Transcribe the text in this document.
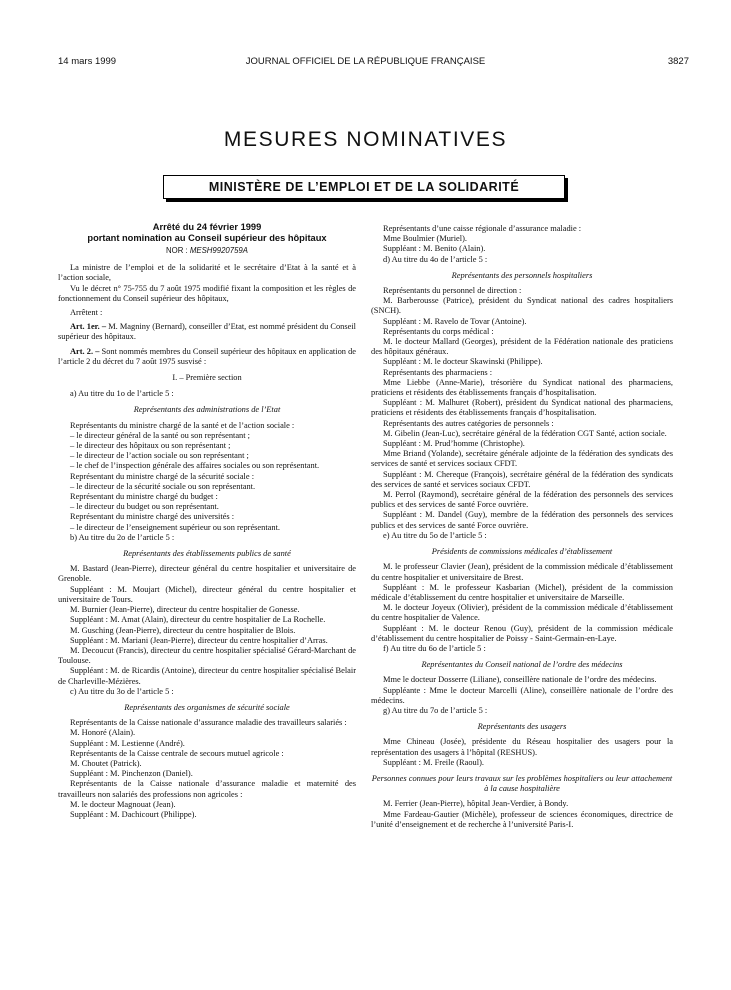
14 mars 1999	JOURNAL OFFICIEL DE LA RÉPUBLIQUE FRANÇAISE	3827
MESURES NOMINATIVES
MINISTÈRE DE L’EMPLOI ET DE LA SOLIDARITÉ
Arrêté du 24 février 1999
portant nomination au Conseil supérieur des hôpitaux
NOR : MESH9920759A

La ministre de l’emploi et de la solidarité et le secrétaire d’Etat à la santé et à l’action sociale,

Vu le décret n° 75-755 du 7 août 1975 modifié fixant la composition et les règles de fonctionnement du Conseil supérieur des hôpitaux,

Arrêtent :

Art. 1er. – M. Magniny (Bernard), conseiller d’Etat, est nommé président du Conseil supérieur des hôpitaux.

Art. 2. – Sont nommés membres du Conseil supérieur des hôpitaux en application de l’article 2 du décret du 7 août 1975 susvisé :

I. – Première section

a) Au titre du 1o de l’article 5 :

Représentants des administrations de l’Etat

Représentants du ministre chargé de la santé et de l’action sociale :

– le directeur général de la santé ou son représentant ;

– le directeur des hôpitaux ou son représentant ;

– le directeur de l’action sociale ou son représentant ;

– le chef de l’inspection générale des affaires sociales ou son représentant.

Représentant du ministre chargé de la sécurité sociale :

– le directeur de la sécurité sociale ou son représentant.

Représentant du ministre chargé du budget :

– le directeur du budget ou son représentant.

Représentant du ministre chargé des universités :

– le directeur de l’enseignement supérieur ou son représentant.

b) Au titre du 2o de l’article 5 :

Représentants des établissements publics de santé

M. Bastard (Jean-Pierre), directeur général du centre hospitalier et universitaire de Grenoble.

Suppléant : M. Moujart (Michel), directeur général du centre hospitalier et universitaire de Tours.

M. Burnier (Jean-Pierre), directeur du centre hospitalier de Gonesse.

Suppléant : M. Amat (Alain), directeur du centre hospitalier de La Rochelle.

M. Gusching (Jean-Pierre), directeur du centre hospitalier de Blois.

Suppléant : M. Mariani (Jean-Pierre), directeur du centre hospitalier d’Arras.

M. Decoucut (Francis), directeur du centre hospitalier spécialisé Gérard-Marchant de Toulouse.

Suppléant : M. de Ricardis (Antoine), directeur du centre hospitalier spécialisé Belair de Charleville-Mézières.

c) Au titre du 3o de l’article 5 :

Représentants des organismes de sécurité sociale

Représentants de la Caisse nationale d’assurance maladie des travailleurs salariés :

M. Honoré (Alain).

Suppléant : M. Lestienne (André).

Représentants de la Caisse centrale de secours mutuel agricole :

M. Choutet (Patrick).

Suppléant : M. Pinchenzon (Daniel).

Représentants de la Caisse nationale d’assurance maladie et maternité des travailleurs non salariés des professions non agricoles :

M. le docteur Magnouat (Jean).

Suppléant : M. Dachicourt (Philippe).

Représentants d’une caisse régionale d’assurance maladie :

Mme Boulmier (Muriel).

Suppléant : M. Benito (Alain).

d) Au titre du 4o de l’article 5 :

Représentants des personnels hospitaliers

Représentants du personnel de direction :

M. Barberousse (Patrice), président du Syndicat national des cadres hospitaliers (SNCH).

Suppléant : M. Ravelo de Tovar (Antoine).

Représentants du corps médical :

M. le docteur Mallard (Georges), président de la Fédération nationale des praticiens des hôpitaux généraux.

Suppléant : M. le docteur Skawinski (Philippe).

Représentants des pharmaciens :

Mme Liebbe (Anne-Marie), trésorière du Syndicat national des pharmaciens, praticiens et résidents des établissements français d’hospitalisation.

Suppléant : M. Malhuret (Robert), président du Syndicat national des pharmaciens, praticiens et résidents des établissements français d’hospitalisation.

Représentants des autres catégories de personnels :

M. Gibelin (Jean-Luc), secrétaire général de la fédération CGT Santé, action sociale.

Suppléant : M. Prud’homme (Christophe).

Mme Briand (Yolande), secrétaire générale adjointe de la fédération des syndicats des services de santé et services sociaux CFDT.

Suppléant : M. Chereque (François), secrétaire général de la fédération des syndicats des services de santé et services sociaux CFDT.

M. Perrol (Raymond), secrétaire général de la fédération des personnels des services publics et des services de santé Force ouvrière.

Suppléant : M. Dandel (Guy), membre de la fédération des personnels des services publics et des services de santé Force ouvrière.

e) Au titre du 5o de l’article 5 :

Présidents de commissions médicales d’établissement

M. le professeur Clavier (Jean), président de la commission médicale d’établissement du centre hospitalier et universitaire de Brest.

Suppléant : M. le professeur Kasbarian (Michel), président de la commission médicale d’établissement du centre hospitalier et universitaire de Marseille.

M. le docteur Joyeux (Olivier), président de la commission médicale d’établissement du centre hospitalier de Valence.

Suppléant : M. le docteur Renou (Guy), président de la commission médicale d’établissement du centre hospitalier de Poissy - Saint-Germain-en-Laye.

f) Au titre du 6o de l’article 5 :

Représentantes du Conseil national de l’ordre des médecins

Mme le docteur Dosserre (Liliane), conseillère nationale de l’ordre des médecins.

Suppléante : Mme le docteur Marcelli (Aline), conseillère nationale de l’ordre des médecins.

g) Au titre du 7o de l’article 5 :

Représentants des usagers

Mme Chineau (Josée), présidente du Réseau hospitalier des usagers pour la représentation des usagers à l’hôpital (RESHUS).

Suppléant : M. Freile (Raoul).

Personnes connues pour leurs travaux sur les problèmes hospitaliers ou leur attachement à la cause hospitalière

M. Ferrier (Jean-Pierre), hôpital Jean-Verdier, à Bondy.

Mme Fardeau-Gautier (Michèle), professeur de sciences économiques, directrice de l’unité d’enseignement et de recherche à l’université Paris-I.
